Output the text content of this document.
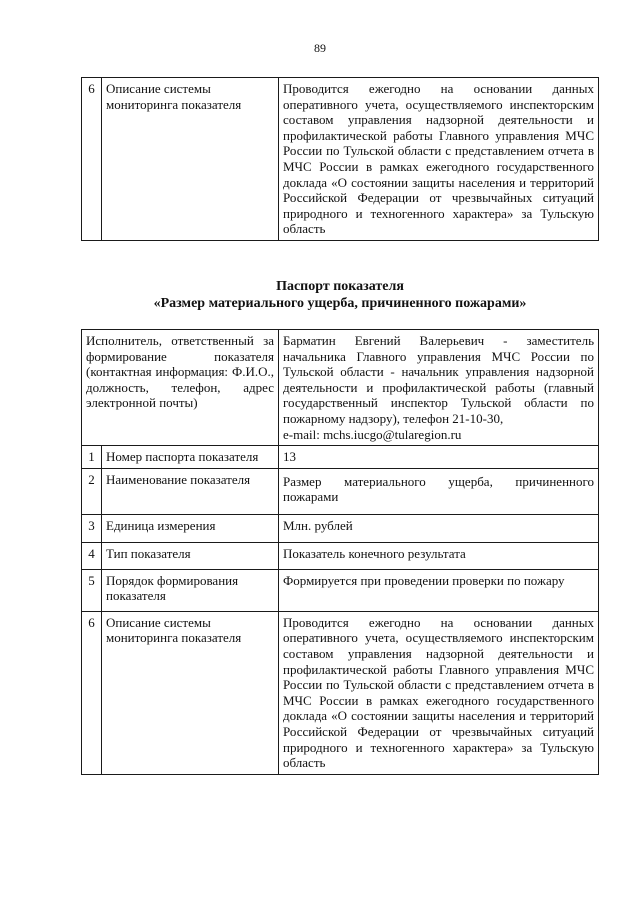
89
6	Описание системы мониторинга показателя	Проводится ежегодно на основании данных оперативного учета, осуществляемого инспекторским составом управления надзорной деятельности и профилактической работы Главного управления МЧС России по Тульской области с представлением отчета в МЧС России в рамках ежегодного государственного доклада «О состоянии защиты населения и территорий Российской Федерации от чрезвычайных ситуаций природного и техногенного характера» за Тульскую область
Паспорт показателя
«Размер материального ущерба, причиненного пожарами»
Исполнитель, ответственный за формирование показателя (контактная информация: Ф.И.О., должность, телефон, адрес электронной почты)		Барматин Евгений Валерьевич - заместитель начальника Главного управления МЧС России по Тульской области - начальник управления надзорной деятельности и профилактической работы (главный государственный инспектор Тульской области по пожарному надзору), телефон 21-10-30,
e-mail: mchs.iucgo@tularegion.ru

1	Номер паспорта показателя	13
2	Наименование показателя	Размер материального ущерба, причиненного пожарами
3	Единица измерения	Млн. рублей
4	Тип показателя	Показатель конечного результата
5	Порядок формирования показателя	Формируется при проведении проверки по пожару
6	Описание системы мониторинга показателя	Проводится ежегодно на основании данных оперативного учета, осуществляемого инспекторским составом управления надзорной деятельности и профилактической работы Главного управления МЧС России по Тульской области с представлением отчета в МЧС России в рамках ежегодного государственного доклада «О состоянии защиты населения и территорий Российской Федерации от чрезвычайных ситуаций природного и техногенного характера» за Тульскую область
